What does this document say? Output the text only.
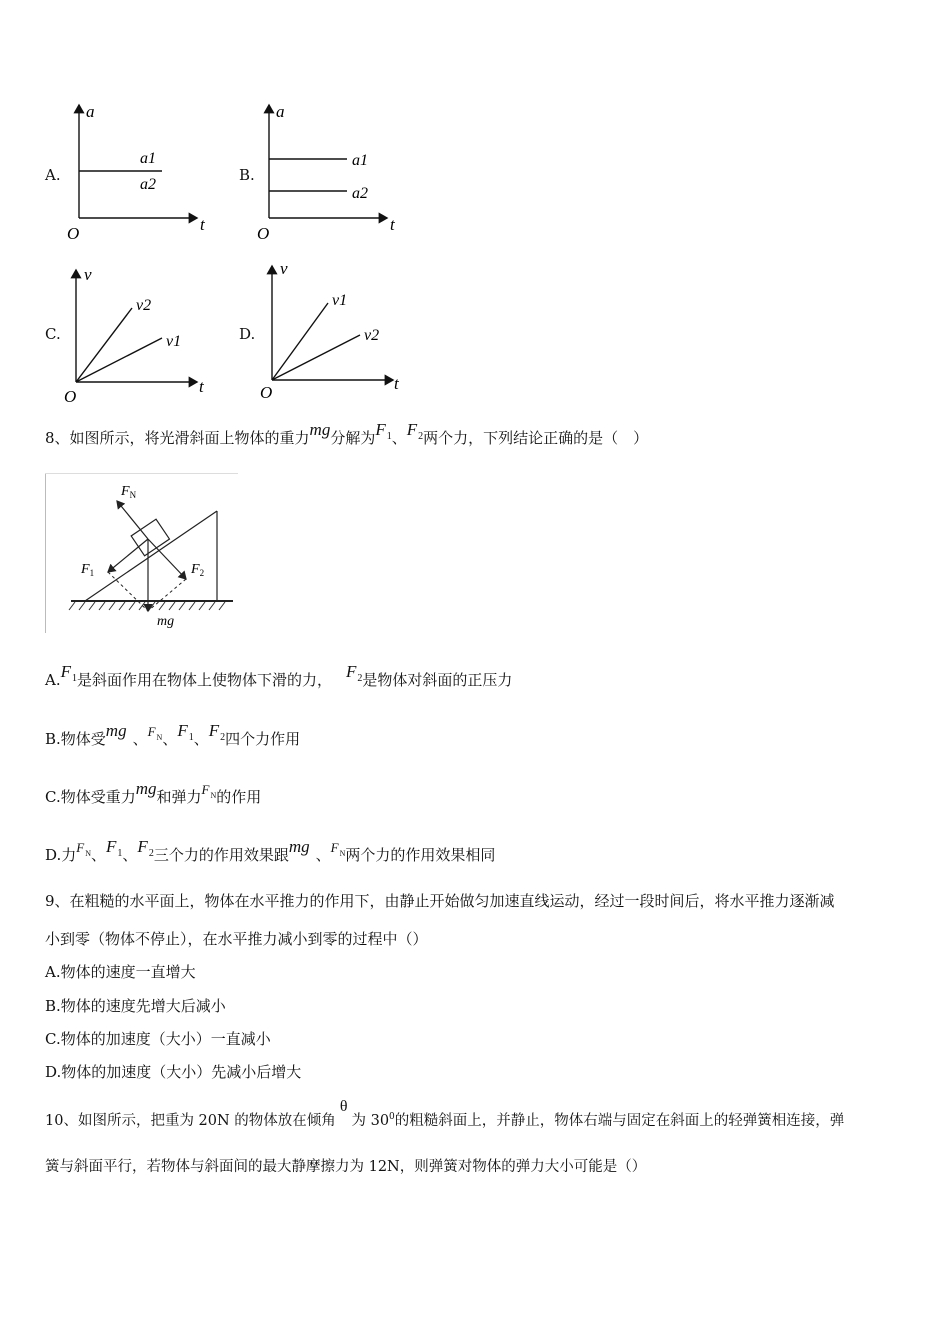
A.
a
t
O
a1
a2
B.
a
t
O
a1
a2
C.
v
t
O
v2
v1	D.
v
t
O
v1
v2
8、如图所示，将光滑斜面上物体的重力mg分解为$F_1$、$F_2$两个力，下列结论正确的是（　）
$F_N$
$F_1$	$F_2$
mg
$A.F_1$是斜面作用在物体上使物体下滑的力， $F_2$是物体对斜面的正压力
B.物体受mg 、$F_N$、$F_1$、$F_2$四个力作用
C.物体受重力mg和弹力$F_N$的作用
D.力$F_N$、$F_1$、$F_2$三个力的作用效果跟mg 、$F_N$两个力的作用效果相同
9、在粗糙的水平面上，物体在水平推力的作用下，由静止开始做匀加速直线运动，经过一段时间后，将水平推力逐渐减
小到零（物体不停止），在水平推力减小到零的过程中（）
A.物体的速度一直增大
B.物体的速度先增大后减小
C.物体的加速度（大小）一直减小
D.物体的加速度（大小）先减小后增大
10、如图所示，把重为 20N 的物体放在倾角θ为 $30^0$的粗糙斜面上，并静止，物体右端与固定在斜面上的轻弹簧相连接，弹
簧与斜面平行，若物体与斜面间的最大静摩擦力为 12N，则弹簧对物体的弹力大小可能是（）
